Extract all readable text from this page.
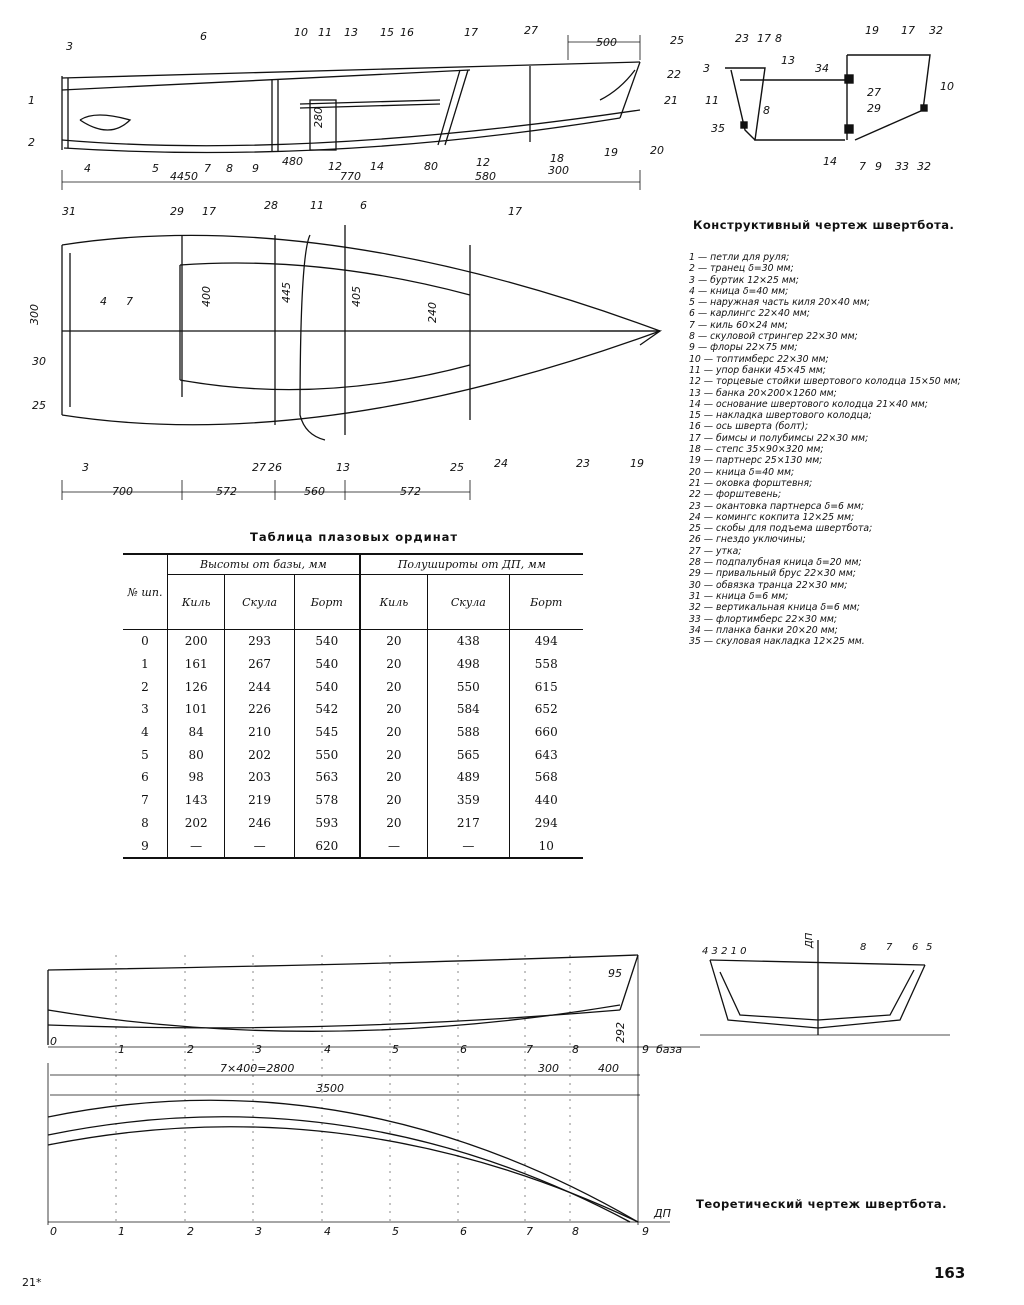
500
4450	770	580	300
480	80
280
3
6	10 11 13 15 16	17	27
25
22
21
20
19
18
12
14
12
9
8
7
5
4
2
1
23 17 8
3
13
11
34
8
35
27
29
14 7 9
19 17 32
10
33 32
Конструктивный чертеж швертбота.
1 — петли для руля;
2 — транец δ=30 мм;
3 — буртик 12×25 мм;
4 — кница δ=40 мм;
5 — наружная часть киля 20×40 мм;
6 — карлингс 22×40 мм;
7 — киль 60×24 мм;
8 — скуловой стрингер 22×30 мм;
9 — флоры 22×75 мм;
10 — топтимберс 22×30 мм;
11 — упор банки 45×45 мм;
12 — торцевые стойки швертового колодца 15×50 мм;
13 — банка 20×200×1260 мм;
14 — основание швертового колодца 21×40 мм;
15 — накладка швертового колодца;
16 — ось шверта (болт);
17 — бимсы и полубимсы 22×30 мм;
18 — степс 35×90×320 мм;
19 — партнерс 25×130 мм;
20 — кница δ=40 мм;
21 — оковка форштевня;
22 — форштевень;
23 — окантовка партнерса δ=6 мм;
24 — комингс кокпита 12×25 мм;
25 — скобы для подъема швертбота;
26 — гнездо уключины;
27 — утка;
28 — подпалубная кница δ=20 мм;
29 — привальный брус 22×30 мм;
30 — обвязка транца 22×30 мм;
31 — кница δ=6 мм;
32 — вертикальная кница δ=6 мм;
33 — флортимберс 22×30 мм;
34 — планка банки 20×20 мм;
35 — скуловая накладка 12×25 мм.
700	572	560	572
300
400	445	405
240
31	29 17	28	11	6	17
4 7
30
25
3	27 26	13	25	24	23	19
Таблица плазовых ординат
№ шп.	Высоты от базы, мм			Полушироты от ДП, мм		
	Киль	Скула	Борт	Киль	Скула	Борт
0	200	293	540	20	438	494
1	161	267	540	20	498	558
2	126	244	540	20	550	615
3	101	226	542	20	584	652
4	84	210	545	20	588	660
5	80	202	550	20	565	643
6	98	203	563	20	489	568
7	143	219	578	20	359	440
8	202	246	593	20	217	294
9	—	—	620	—	—	10
0
1	2	3	4	5	6	7	8	9 база
95
292
7×400=2800	300	400
3500
ДП
0	1	2	3	4	5	6	7	8	9
4 3 2 1 0
ДП	8 7 6 5
Теоретический чертеж швертбота.
163
21*
